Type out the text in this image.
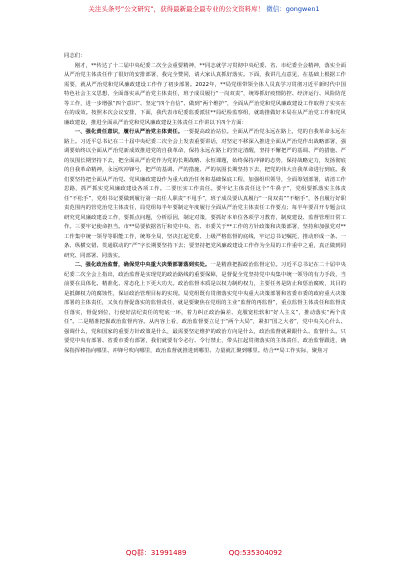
关注头条号“公文研究”，获得最新最全最专业的公文资料库！ 微信：gongwen1

同志们：

刚才，**传达了十二届中央纪委二次全会重要精神，**同志就学习贯彻中央纪委、省、市纪委全会精神，落实全面从严治党主体责任作了很好的安排部署，我完全赞同，请大家认真抓好落实。下面，我讲几点意见，在基础上根据工作需要，就从严治党和党风廉政建设工作作了初步部署。2022年，**局党组带领全体人员真学习贯彻习近平新时代中国特色社会主义思想，全面落实从严治党主体责任，班子成员履行“一岗双责”，统筹抓好疫情防控、经济运行、风险防范等工作，进一步增强“四个意识”、坚定“四个自信”、做到“两个维护”，全面从严治党和党风廉政建设工作取得了实实在在的成效。按照本次会议安排，下面，我代表市纪委监委派驻**局纪检监察组，就助推做好本局在从严治党工作和党风廉政建设，推进全面从严治党和党风廉政建设主体责任工作讲以下四个方面：

一、强化责任意识，履行从严治党主体责任。一要提高政治站位。全面从严治党永远在路上，党的自我革命永远在路上。习近平总书记在二十届中央纪委二次全会上发表重要讲话，对坚定不移深入推进全面从严治党作出战略部署，强调要始终以全面从严治党新成效推进党的自我革命，保持永远在路上的坚定清醒，坚持不懈把严的基调、严的措施、严的氛围长期坚持下去，把全面从严治党作为党的长期战略、永恒课题，始终保持冲锋的态势，保持战略定力，发扬彻底的自我革命精神，永远吹冲锋号，把严的基调、严的措施、严的氛围长期坚持下去，把党的伟大自我革命进行到底。我们要坚持把全面从严治党、党风廉政建设作为重大政治任务和基础保底工程，加强组织领导，全面筹划部署，请清工作思路，抓严抓实党风廉政建设各项工作。二要压实工作责任。要牢记主体责任这个“牛鼻子”，党组要抓落实主体责任“不松手”，党组书记要做到履行第一责任人职责“不甩手”，班子成员要认真履行“一岗双责”“不缩手”，各自履行好职责范围内的管党治党主体责任，局党组每半年要制定年度履行全面从严治党主体责任工作要点；每半年要召开专题会议研究党风廉政建设工作，要抓点问题，分析原因，制定对策，要抓好本单位各项学习教育，制度建设、监督管理日常工作。三要牢记使命担当。市**局要依据省厅和党中央、省、市委关于**工作的方针政策和决策部署，坚持和加强党对**工作集中统一领导等职能工作，统筹全局，坚决扛起党委、上级严格监督的底线，牢记总书记嘱托，推动形成一条、一条、纵横交错、贯通联动的“严”字长期要坚持下去；要坚持把党风廉政建设工作作为全局的工作重中之重，真正做到同研究、同部署、同落实。

二、强化政治监督，确保党中央重大决策部署落到实处。一是精准把握政治监督定位。习近平总书记在二十届中央纪委二次全会上指出，政治监督是实现党的政治路线的重要保障，是督促全党坚持党中央集中统一领导的有力手段，当前要在具体化、精准化、常态化上下更大功夫。政治监督本质是以权力制约权力，主要任务是防止和惩治腐败，其目的是抵御权力的腐蚀性，保证政治管理目标的实现。局党组既有贯彻落实党中央重大决策部署和省委市委的政府重大决策部署的主体责任，又负有督促落实的监督责任，就是要聚焦在党组的主业“监督的再监督”，重点监督主体责任和监督责任落实，督促到位，行使好法纪责任的兜底一环，着力纠正政治偏差、克服宽松软和“好人主义”，推动落实“两个责任”。二是精准把握政治监督内容。从内容上看，政治监督要立足于“两个大局”，紧扣“国之大者”，党中央关心什么、强调什么，党和国家的重要方针政策是什么，最需要坚定维护的政治方向是什么，政治监督就紧跟什么、监督什么。只要党中央有部署、省委市委有部署，我们就要有令必行、令行禁止，带头扛起贯彻落实的主体责任，政治监督跟进，确保指挥棒指向哪里、冲锋号吹向哪里，政治监督就推进到哪里、力量就汇聚到哪里。结合**局工作实际，聚焦习

QQ群：31991489	QQ:535304092
